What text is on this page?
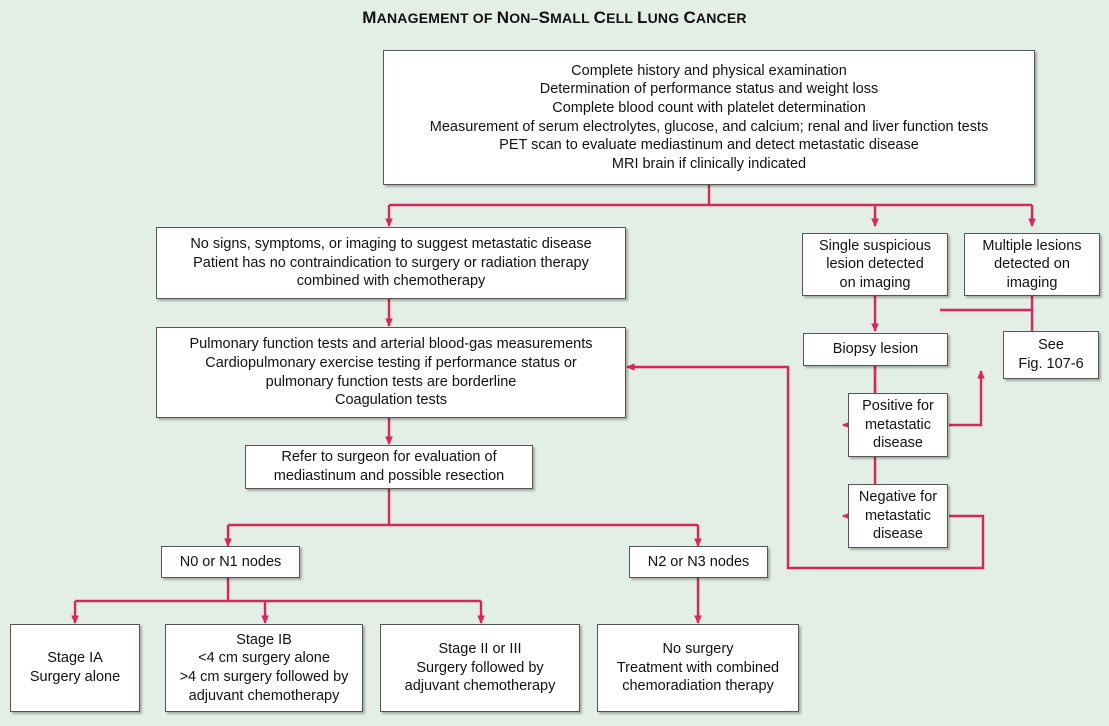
MANAGEMENT OF NON–SMALL CELL LUNG CANCER
Complete history and physical examination
Determination of performance status and weight loss
Complete blood count with platelet determination
Measurement of serum electrolytes, glucose, and calcium; renal and liver function tests
PET scan to evaluate mediastinum and detect metastatic disease
MRI brain if clinically indicated
No signs, symptoms, or imaging to suggest metastatic disease
Patient has no contraindication to surgery or radiation therapy
combined with chemotherapy
Single suspicious
lesion detected
on imaging
Multiple lesions
detected on
imaging
Pulmonary function tests and arterial blood-gas measurements
Cardiopulmonary exercise testing if performance status or
pulmonary function tests are borderline
Coagulation tests
Biopsy lesion	See
Fig. 107-6
Positive for
metastatic
disease
Negative for
metastatic
disease
Refer to surgeon for evaluation of
mediastinum and possible resection
N0 or N1 nodes	N2 or N3 nodes
Stage IA
Surgery alone
Stage IB
<4 cm surgery alone
>4 cm surgery followed by
adjuvant chemotherapy
Stage II or III
Surgery followed by
adjuvant chemotherapy
No surgery
Treatment with combined
chemoradiation therapy
